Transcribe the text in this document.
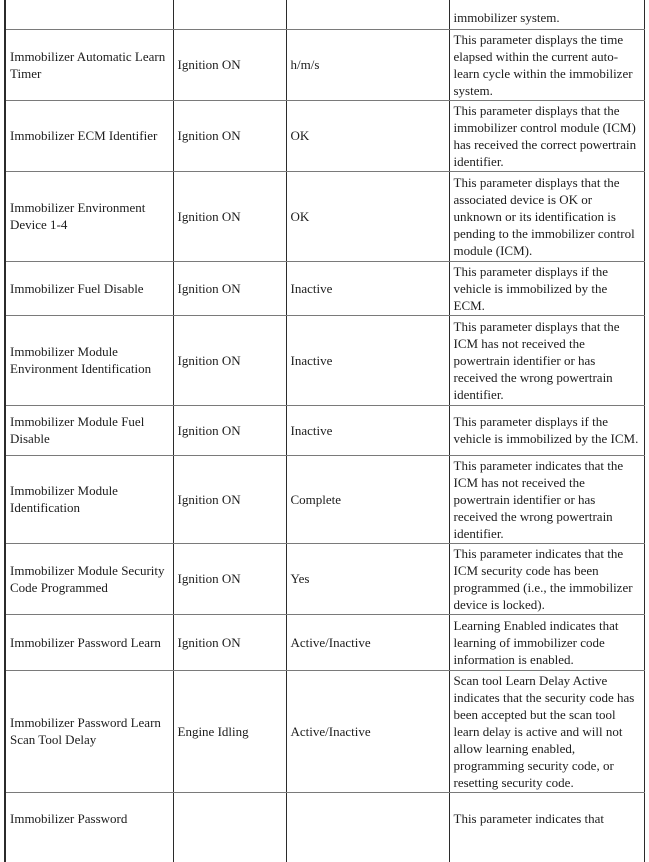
			immobilizer system.
Immobilizer Automatic Learn Timer	Ignition ON	h/m/s	This parameter displays the time elapsed within the current auto-learn cycle within the immobilizer system.
Immobilizer ECM Identifier	Ignition ON	OK	This parameter displays that the immobilizer control module (ICM) has received the correct powertrain identifier.
Immobilizer Environment Device 1-4	Ignition ON	OK	This parameter displays that the associated device is OK or unknown or its identification is pending to the immobilizer control module (ICM).
Immobilizer Fuel Disable	Ignition ON	Inactive	This parameter displays if the vehicle is immobilized by the ECM.
Immobilizer Module Environment Identification	Ignition ON	Inactive	This parameter displays that the ICM has not received the powertrain identifier or has received the wrong powertrain identifier.
Immobilizer Module Fuel Disable	Ignition ON	Inactive	This parameter displays if the vehicle is immobilized by the ICM.
Immobilizer Module Identification	Ignition ON	Complete	This parameter indicates that the ICM has not received the powertrain identifier or has received the wrong powertrain identifier.
Immobilizer Module Security Code Programmed	Ignition ON	Yes	This parameter indicates that the ICM security code has been programmed (i.e., the immobilizer device is locked).
Immobilizer Password Learn	Ignition ON	Active/Inactive	Learning Enabled indicates that learning of immobilizer code information is enabled.
Immobilizer Password Learn Scan Tool Delay	Engine Idling	Active/Inactive	Scan tool Learn Delay Active indicates that the security code has been accepted but the scan tool learn delay is active and will not allow learning enabled, programming security code, or resetting security code.
Immobilizer Password			This parameter indicates that
